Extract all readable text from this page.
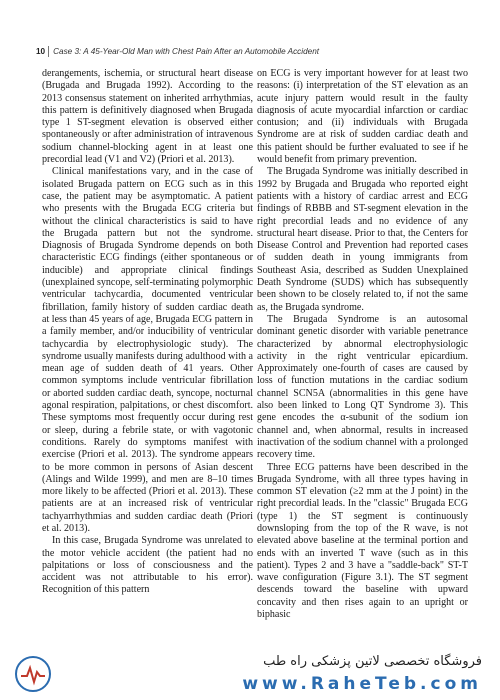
10 Case 3: A 45-Year-Old Man with Chest Pain After an Automobile Accident

derangements, ischemia, or structural heart disease (Brugada and Brugada 1992). According to the 2013 consensus statement on inherited arrhythmias, this pattern is definitively diagnosed when Brugada type 1 ST-segment elevation is observed either spontaneously or after administration of intravenous sodium channel-blocking agent in at least one precordial lead (V1 and V2) (Priori et al. 2013).

Clinical manifestations vary, and in the case of isolated Brugada pattern on ECG such as in this case, the patient may be asymptomatic. A patient who presents with the Brugada ECG criteria but without the clinical characteristics is said to have the Brugada pattern but not the syndrome. Diagnosis of Brugada Syndrome depends on both characteristic ECG findings (either spontaneous or inducible) and appropriate clinical findings (unexplained syncope, self-terminating polymorphic ventricular tachycardia, documented ventricular fibrillation, family history of sudden cardiac death at less than 45 years of age, Brugada ECG pattern in a family member, and/or inducibility of ventricular tachycardia by electrophysiologic study). The syndrome usually manifests during adulthood with a mean age of sudden death of 41 years. Other common symptoms include ventricular fibrillation or aborted sudden cardiac death, syncope, nocturnal agonal respiration, palpitations, or chest discomfort. These symptoms most frequently occur during rest or sleep, during a febrile state, or with vagotonic conditions. Rarely do symptoms manifest with exercise (Priori et al. 2013). The syndrome appears to be more common in persons of Asian descent (Alings and Wilde 1999), and men are 8–10 times more likely to be affected (Priori et al. 2013). These patients are at an increased risk of ventricular tachyarrhythmias and sudden cardiac death (Priori et al. 2013).

In this case, Brugada Syndrome was unrelated to the motor vehicle accident (the patient had no palpitations or loss of consciousness and the accident was not attributable to his error). Recognition of this pattern

on ECG is very important however for at least two reasons: (i) interpretation of the ST elevation as an acute injury pattern would result in the faulty diagnosis of acute myocardial infarction or cardiac contusion; and (ii) individuals with Brugada Syndrome are at risk of sudden cardiac death and this patient should be further evaluated to see if he would benefit from primary prevention.

The Brugada Syndrome was initially described in 1992 by Brugada and Brugada who reported eight patients with a history of cardiac arrest and ECG findings of RBBB and ST-segment elevation in the right precordial leads and no evidence of any structural heart disease. Prior to that, the Centers for Disease Control and Prevention had reported cases of sudden death in young immigrants from Southeast Asia, described as Sudden Unexplained Death Syndrome (SUDS) which has subsequently been shown to be closely related to, if not the same as, the Brugada syndrome.

The Brugada Syndrome is an autosomal dominant genetic disorder with variable penetrance characterized by abnormal electrophysiologic activity in the right ventricular epicardium. Approximately one-fourth of cases are caused by loss of function mutations in the cardiac sodium channel SCN5A (abnormalities in this gene have also been linked to Long QT Syndrome 3). This gene encodes the α-subunit of the sodium ion channel and, when abnormal, results in increased inactivation of the sodium channel with a prolonged recovery time.

Three ECG patterns have been described in the Brugada Syndrome, with all three types having in common ST elevation (≥2 mm at the J point) in the right precordial leads. In the "classic" Brugada ECG (type 1) the ST segment is continuously downsloping from the top of the R wave, is not elevated above baseline at the terminal portion and ends with an inverted T wave (such as in this patient). Types 2 and 3 have a "saddle-back" ST-T wave configuration (Figure 3.1). The ST segment descends toward the baseline with upward concavity and then rises again to an upright or biphasic

فروشگاه تخصصی لاتین پزشکی راه طب
www.RaheTeb.com
